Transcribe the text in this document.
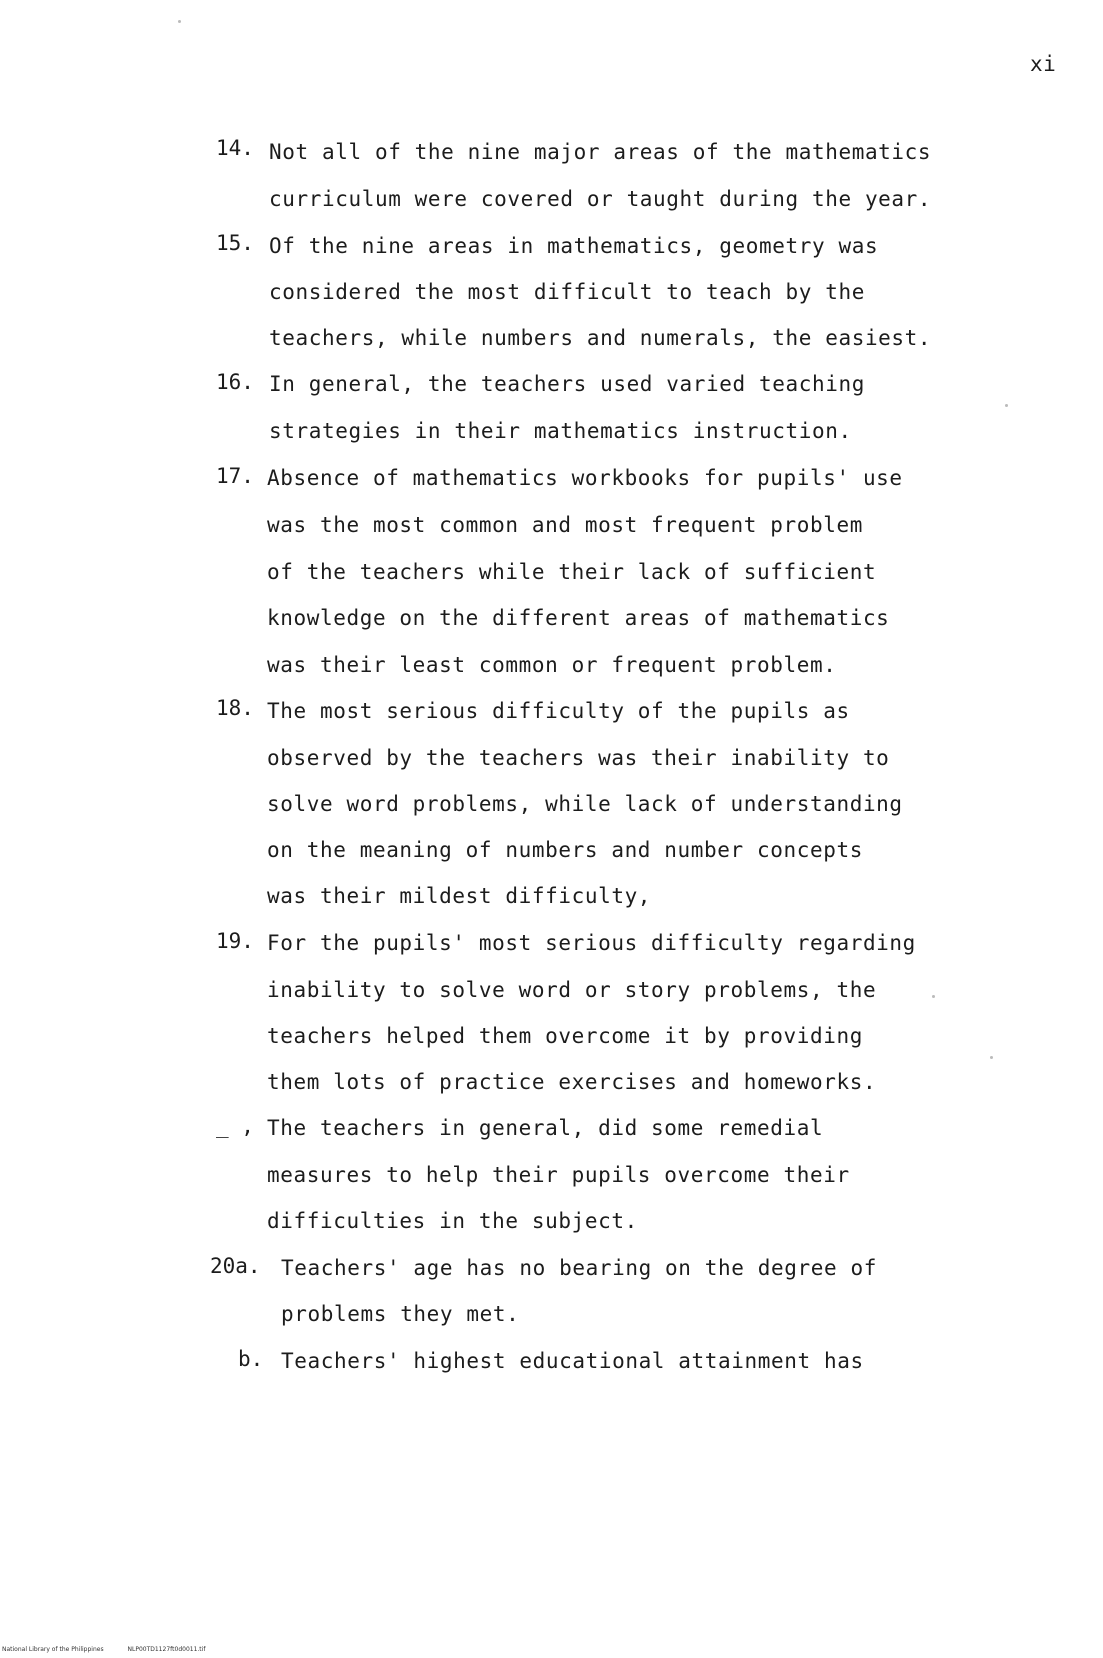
xi
14. Not all of the nine major areas of the mathematics
curriculum were covered or taught during the year.
15. Of the nine areas in mathematics, geometry was
considered the most difficult to teach by the
teachers, while numbers and numerals, the easiest.
16. In general, the teachers used varied teaching
strategies in their mathematics instruction.
17. Absence of mathematics workbooks for pupils' use
was the most common and most frequent problem
of the teachers while their lack of sufficient
knowledge on the different areas of mathematics
was their least common or frequent problem.
18. The most serious difficulty of the pupils as
observed by the teachers was their inability to
solve word problems, while lack of understanding
on the meaning of numbers and number concepts
was their mildest difficulty,
19. For the pupils' most serious difficulty regarding
inability to solve word or story problems, the
teachers helped them overcome it by providing
them lots of practice exercises and homeworks.
_ , The teachers in general, did some remedial
measures to help their pupils overcome their
difficulties in the subject.
20a. Teachers' age has no bearing on the degree of
problems they met.
b. Teachers' highest educational attainment has
National Library of the Philippines	NLP00TD1127ft0d0011.tif
